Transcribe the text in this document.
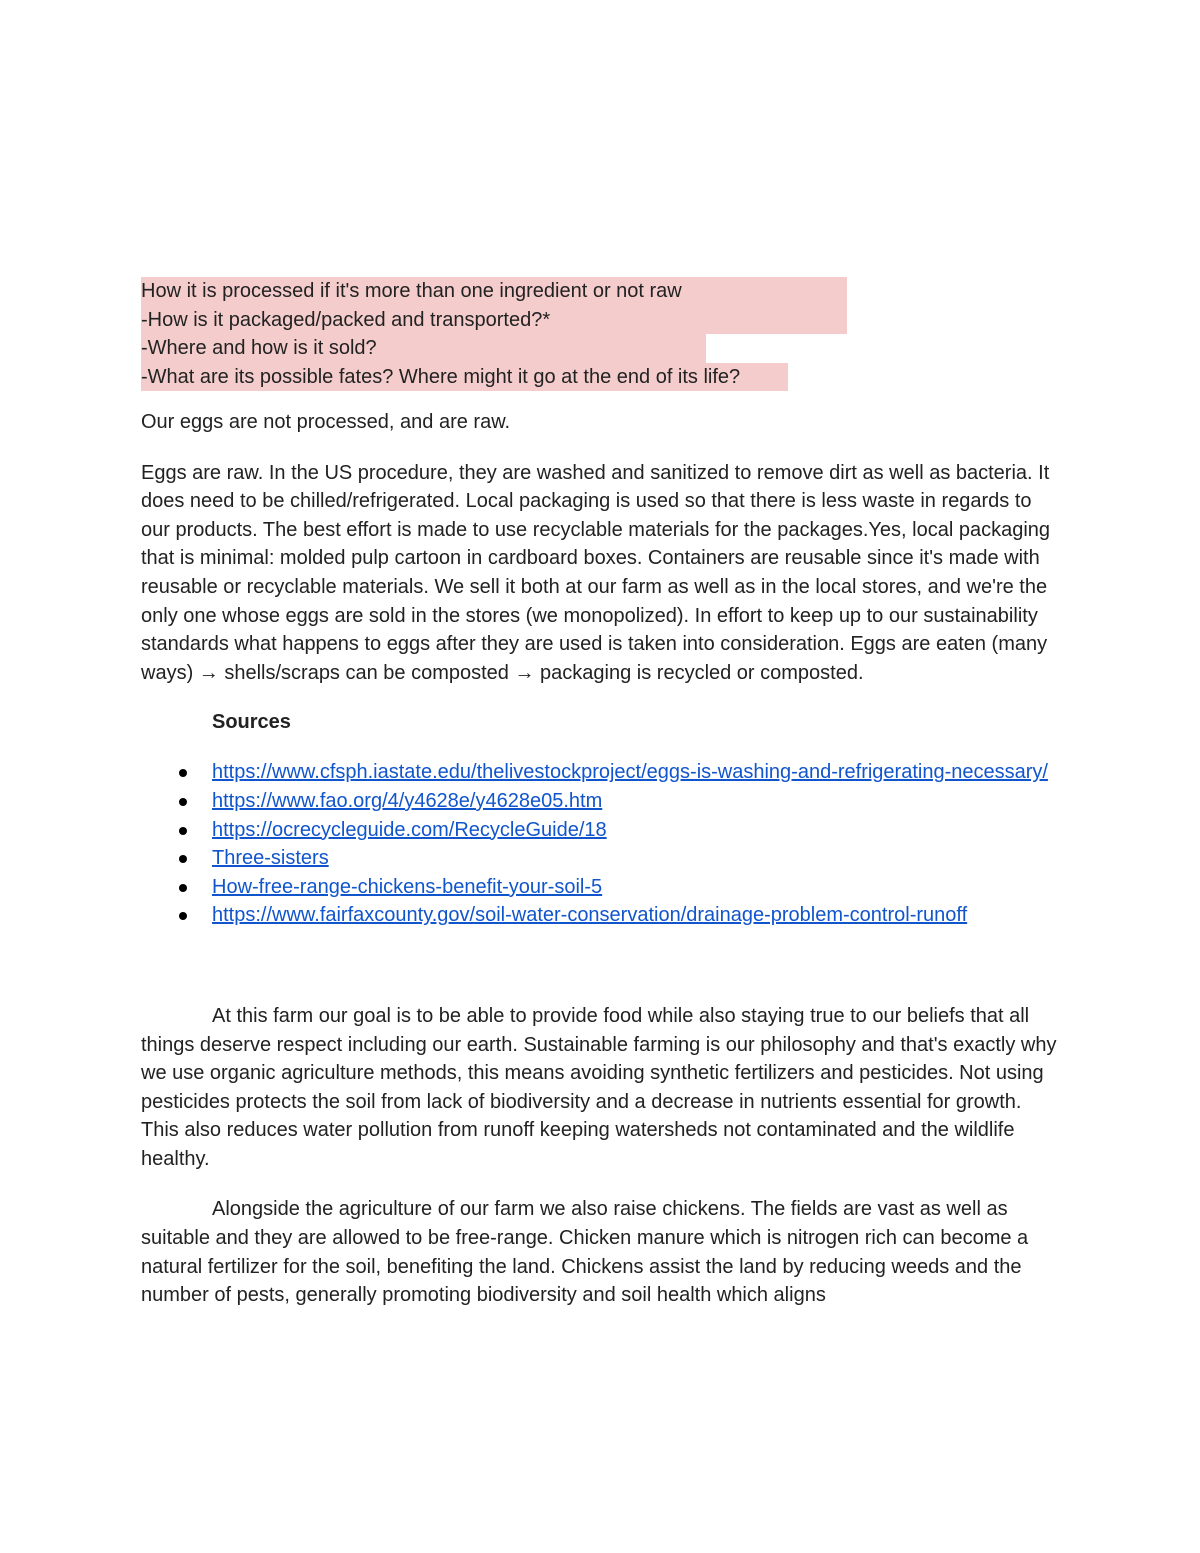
How it is processed if it's more than one ingredient or not raw
-How is it packaged/packed and transported?*
-Where and how is it sold?
-What are its possible fates? Where might it go at the end of its life?

Our eggs are not processed, and are raw.

Eggs are raw. In the US procedure, they are washed and sanitized to remove dirt as well as bacteria. It does need to be chilled/refrigerated. Local packaging is used so that there is less waste in regards to our products. The best effort is made to use recyclable materials for the packages.Yes, local packaging that is minimal: molded pulp cartoon in cardboard boxes. Containers are reusable since it's made with reusable or recyclable materials. We sell it both at our farm as well as in the local stores, and we're the only one whose eggs are sold in the stores (we monopolized). In effort to keep up to our sustainability standards what happens to eggs after they are used is taken into consideration. Eggs are eaten (many ways) → shells/scraps can be composted → packaging is recycled or composted.

Sources
https://www.cfsph.iastate.edu/thelivestockproject/eggs-is-washing-and-refrigerating-necessary/
https://www.fao.org/4/y4628e/y4628e05.htm
https://ocrecycleguide.com/RecycleGuide/18
Three-sisters
How-free-range-chickens-benefit-your-soil-5
https://www.fairfaxcounty.gov/soil-water-conservation/drainage-problem-control-runoff

At this farm our goal is to be able to provide food while also staying true to our beliefs that all things deserve respect including our earth. Sustainable farming is our philosophy and that's exactly why we use organic agriculture methods, this means avoiding synthetic fertilizers and pesticides. Not using pesticides protects the soil from lack of biodiversity and a decrease in nutrients essential for growth. This also reduces water pollution from runoff keeping watersheds not contaminated and the wildlife healthy.

Alongside the agriculture of our farm we also raise chickens. The fields are vast as well as suitable and they are allowed to be free-range. Chicken manure which is nitrogen rich can become a natural fertilizer for the soil, benefiting the land. Chickens assist the land by reducing weeds and the number of pests, generally promoting biodiversity and soil health which aligns
